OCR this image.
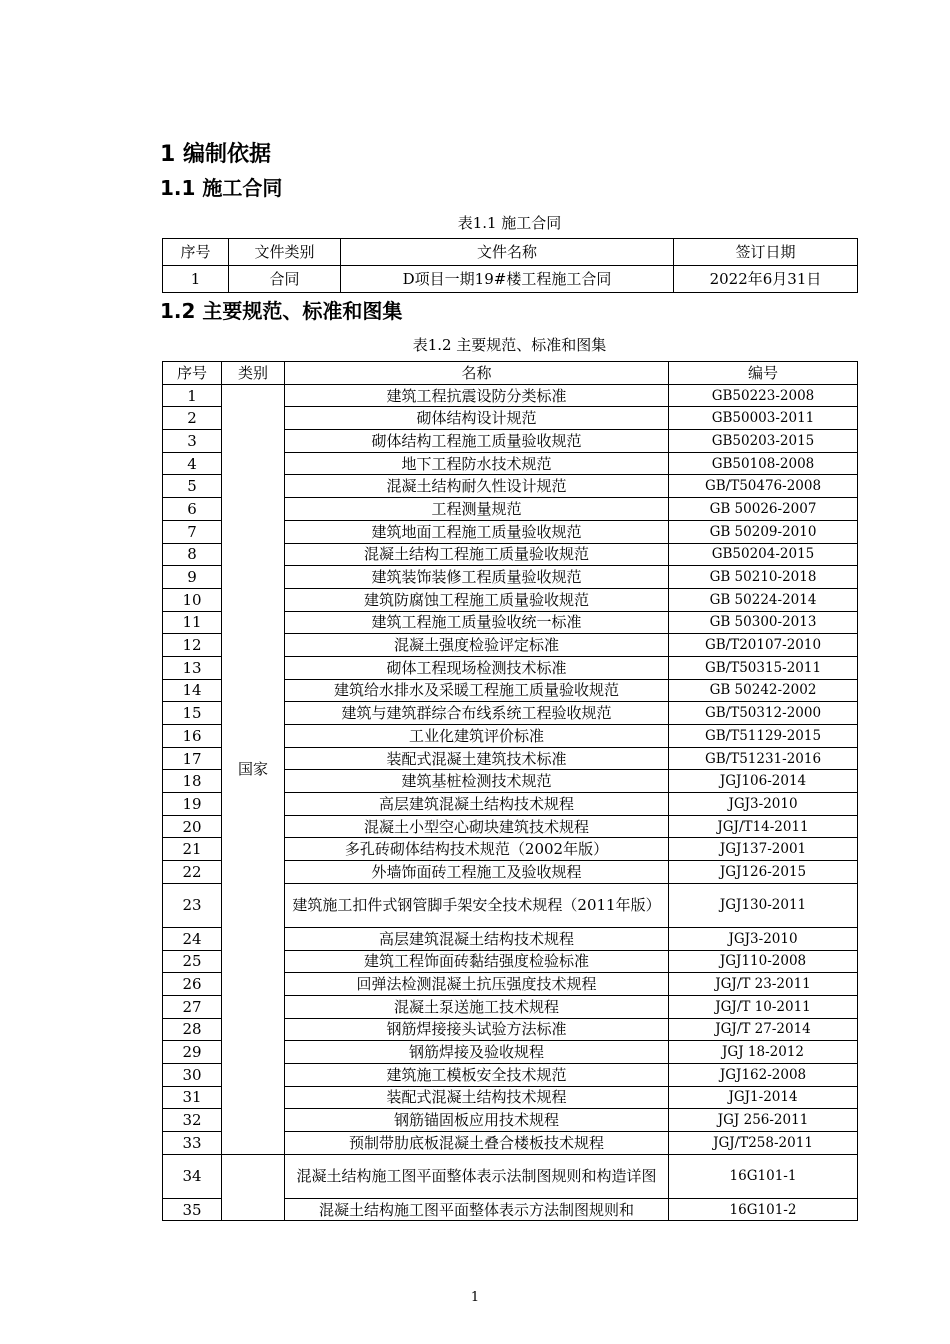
1 编制依据
1.1 施工合同
表1.1 施工合同
序号	文件类别	文件名称	签订日期
1	合同	D项目一期19#楼工程施工合同	2022年6月31日
1.2 主要规范、标准和图集
表1.2 主要规范、标准和图集
序号	类别	名称	编号
1	国家	建筑工程抗震设防分类标准	GB50223-2008
2		砌体结构设计规范	GB50003-2011
3		砌体结构工程施工质量验收规范	GB50203-2015
4		地下工程防水技术规范	GB50108-2008
5		混凝土结构耐久性设计规范	GB/T50476-2008
6		工程测量规范	GB 50026-2007
7		建筑地面工程施工质量验收规范	GB 50209-2010
8		混凝土结构工程施工质量验收规范	GB50204-2015
9		建筑装饰装修工程质量验收规范	GB 50210-2018
10		建筑防腐蚀工程施工质量验收规范	GB 50224-2014
11		建筑工程施工质量验收统一标准	GB 50300-2013
12		混凝土强度检验评定标准	GB/T20107-2010
13		砌体工程现场检测技术标准	GB/T50315-2011
14		建筑给水排水及采暖工程施工质量验收规范	GB 50242-2002
15		建筑与建筑群综合布线系统工程验收规范	GB/T50312-2000
16		工业化建筑评价标准	GB/T51129-2015
17		装配式混凝土建筑技术标准	GB/T51231-2016
18		建筑基桩检测技术规范	JGJ106-2014
19		高层建筑混凝土结构技术规程	JGJ3-2010
20		混凝土小型空心砌块建筑技术规程	JGJ/T14-2011
21		多孔砖砌体结构技术规范（2002年版）	JGJ137-2001
22		外墙饰面砖工程施工及验收规程	JGJ126-2015
23		建筑施工扣件式钢管脚手架安全技术规程（2011年版）	JGJ130-2011
24		高层建筑混凝土结构技术规程	JGJ3-2010
25		建筑工程饰面砖黏结强度检验标准	JGJ110-2008
26		回弹法检测混凝土抗压强度技术规程	JGJ/T 23-2011
27		混凝土泵送施工技术规程	JGJ/T 10-2011
28		钢筋焊接接头试验方法标准	JGJ/T 27-2014
29		钢筋焊接及验收规程	JGJ 18-2012
30		建筑施工模板安全技术规范	JGJ162-2008
31		装配式混凝土结构技术规程	JGJ1-2014
32		钢筋锚固板应用技术规程	JGJ 256-2011
33		预制带肋底板混凝土叠合楼板技术规程	JGJ/T258-2011
34		混凝土结构施工图平面整体表示法制图规则和构造详图	16G101-1
35		混凝土结构施工图平面整体表示方法制图规则和	16G101-2
1
